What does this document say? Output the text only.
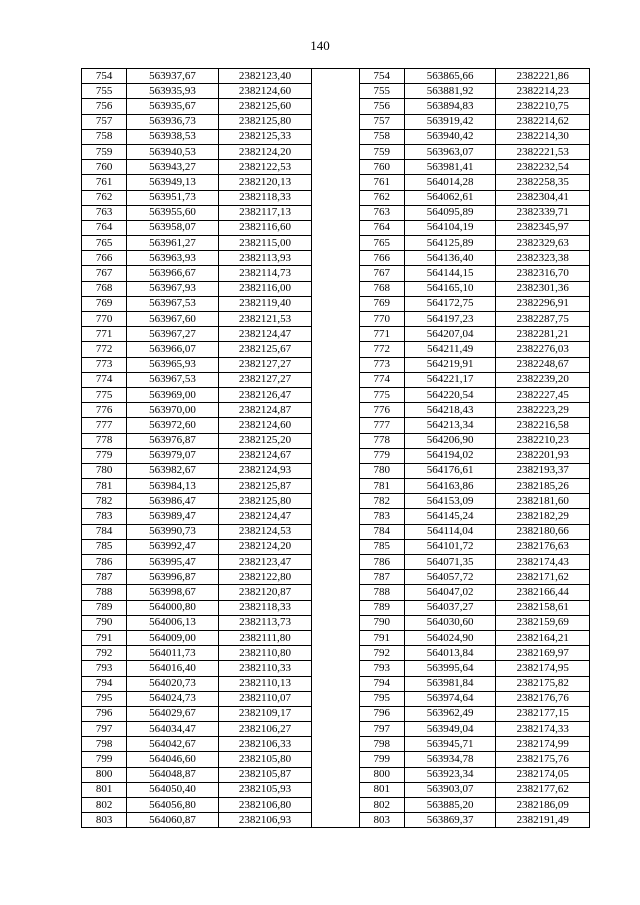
140
754	563937,67	2382123,40		754	563865,66	2382221,86
755	563935,93	2382124,60		755	563881,92	2382214,23
756	563935,67	2382125,60		756	563894,83	2382210,75
757	563936,73	2382125,80		757	563919,42	2382214,62
758	563938,53	2382125,33		758	563940,42	2382214,30
759	563940,53	2382124,20		759	563963,07	2382221,53
760	563943,27	2382122,53		760	563981,41	2382232,54
761	563949,13	2382120,13		761	564014,28	2382258,35
762	563951,73	2382118,33		762	564062,61	2382304,41
763	563955,60	2382117,13		763	564095,89	2382339,71
764	563958,07	2382116,60		764	564104,19	2382345,97
765	563961,27	2382115,00		765	564125,89	2382329,63
766	563963,93	2382113,93		766	564136,40	2382323,38
767	563966,67	2382114,73		767	564144,15	2382316,70
768	563967,93	2382116,00		768	564165,10	2382301,36
769	563967,53	2382119,40		769	564172,75	2382296,91
770	563967,60	2382121,53		770	564197,23	2382287,75
771	563967,27	2382124,47		771	564207,04	2382281,21
772	563966,07	2382125,67		772	564211,49	2382276,03
773	563965,93	2382127,27		773	564219,91	2382248,67
774	563967,53	2382127,27		774	564221,17	2382239,20
775	563969,00	2382126,47		775	564220,54	2382227,45
776	563970,00	2382124,87		776	564218,43	2382223,29
777	563972,60	2382124,60		777	564213,34	2382216,58
778	563976,87	2382125,20		778	564206,90	2382210,23
779	563979,07	2382124,67		779	564194,02	2382201,93
780	563982,67	2382124,93		780	564176,61	2382193,37
781	563984,13	2382125,87		781	564163,86	2382185,26
782	563986,47	2382125,80		782	564153,09	2382181,60
783	563989,47	2382124,47		783	564145,24	2382182,29
784	563990,73	2382124,53		784	564114,04	2382180,66
785	563992,47	2382124,20		785	564101,72	2382176,63
786	563995,47	2382123,47		786	564071,35	2382174,43
787	563996,87	2382122,80		787	564057,72	2382171,62
788	563998,67	2382120,87		788	564047,02	2382166,44
789	564000,80	2382118,33		789	564037,27	2382158,61
790	564006,13	2382113,73		790	564030,60	2382159,69
791	564009,00	2382111,80		791	564024,90	2382164,21
792	564011,73	2382110,80		792	564013,84	2382169,97
793	564016,40	2382110,33		793	563995,64	2382174,95
794	564020,73	2382110,13		794	563981,84	2382175,82
795	564024,73	2382110,07		795	563974,64	2382176,76
796	564029,67	2382109,17		796	563962,49	2382177,15
797	564034,47	2382106,27		797	563949,04	2382174,33
798	564042,67	2382106,33		798	563945,71	2382174,99
799	564046,60	2382105,80		799	563934,78	2382175,76
800	564048,87	2382105,87		800	563923,34	2382174,05
801	564050,40	2382105,93		801	563903,07	2382177,62
802	564056,80	2382106,80		802	563885,20	2382186,09
803	564060,87	2382106,93		803	563869,37	2382191,49
